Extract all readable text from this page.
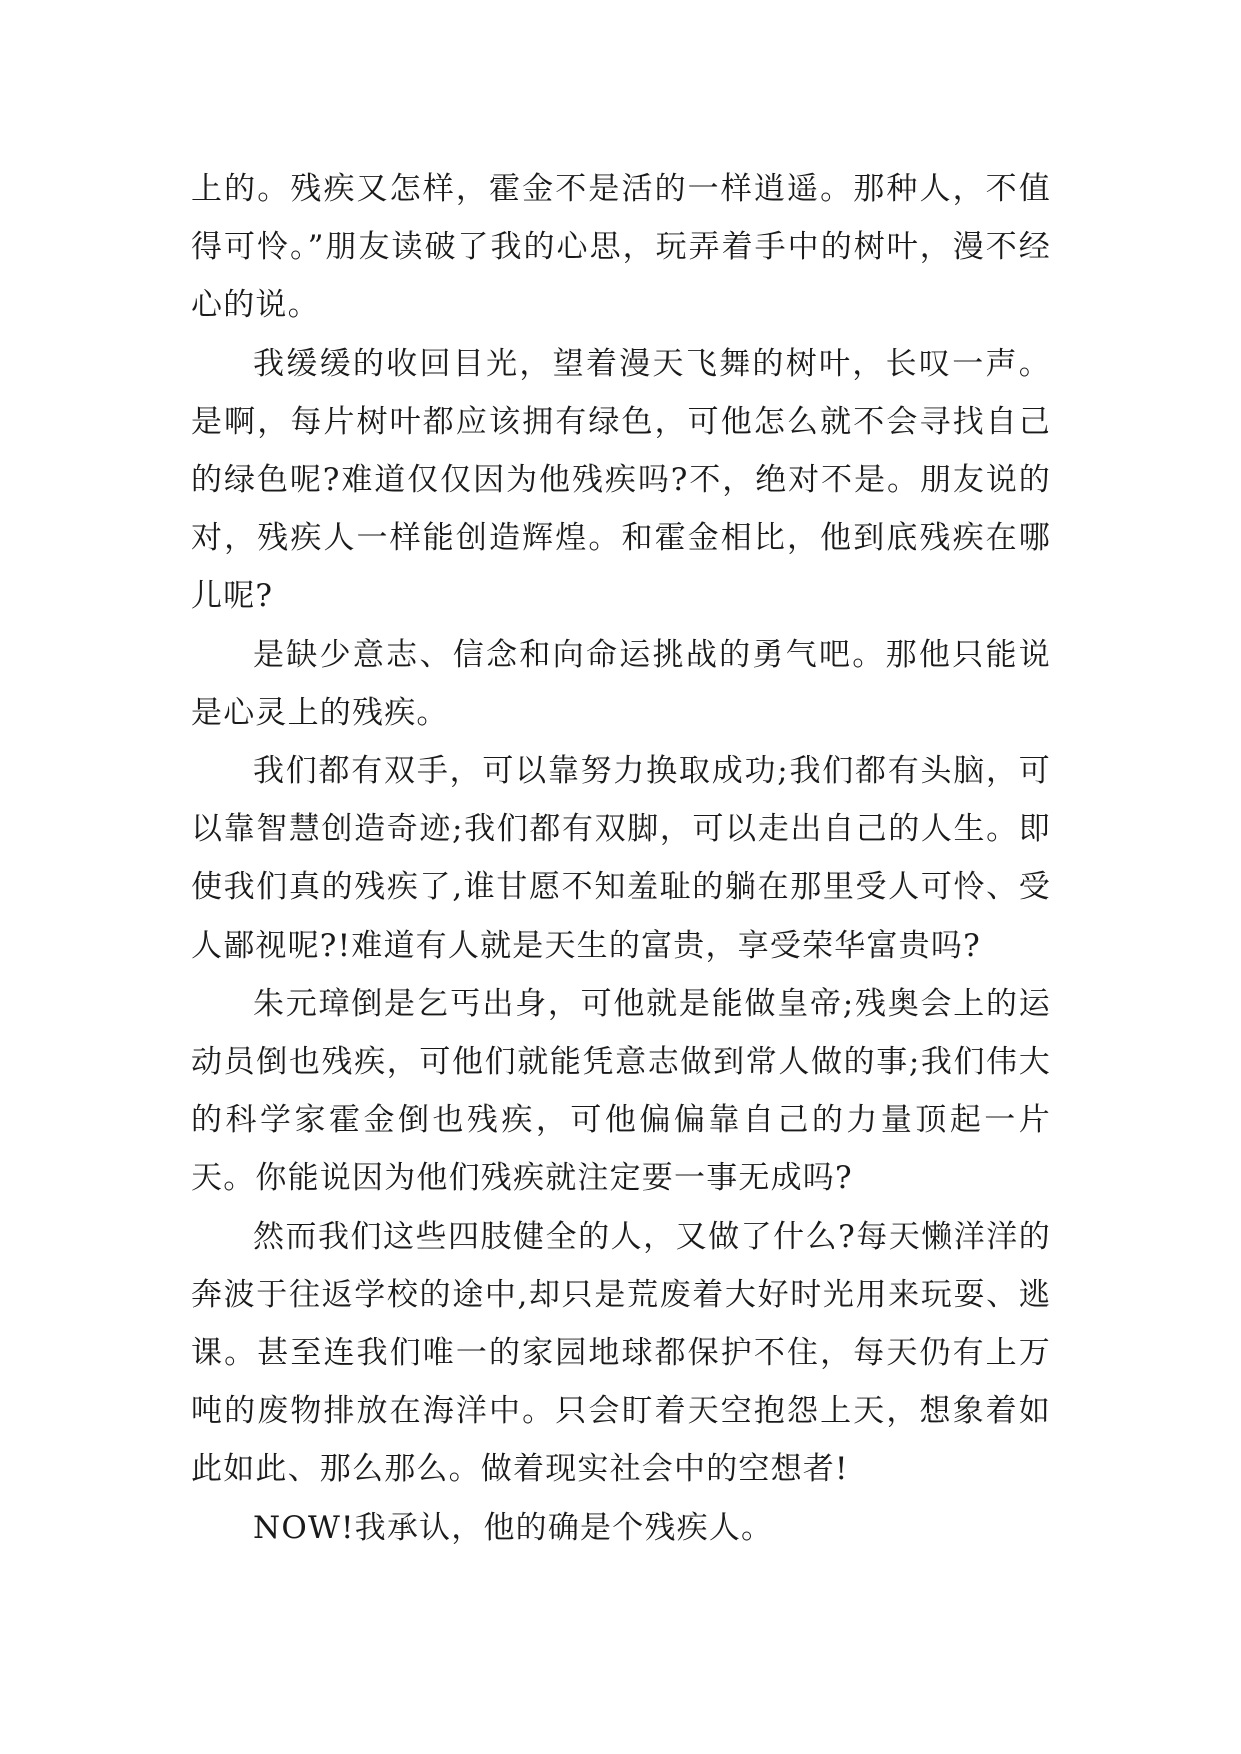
上的。残疾又怎样，霍金不是活的一样逍遥。那种人，不值得可怜。”朋友读破了我的心思，玩弄着手中的树叶，漫不经心的说。

我缓缓的收回目光，望着漫天飞舞的树叶，长叹一声。是啊，每片树叶都应该拥有绿色，可他怎么就不会寻找自己的绿色呢?难道仅仅因为他残疾吗?不，绝对不是。朋友说的对，残疾人一样能创造辉煌。和霍金相比，他到底残疾在哪儿呢?

是缺少意志、信念和向命运挑战的勇气吧。那他只能说是心灵上的残疾。

我们都有双手，可以靠努力换取成功;我们都有头脑，可以靠智慧创造奇迹;我们都有双脚，可以走出自己的人生。即使我们真的残疾了,谁甘愿不知羞耻的躺在那里受人可怜、受人鄙视呢?!难道有人就是天生的富贵，享受荣华富贵吗?

朱元璋倒是乞丐出身，可他就是能做皇帝;残奥会上的运动员倒也残疾，可他们就能凭意志做到常人做的事;我们伟大的科学家霍金倒也残疾，可他偏偏靠自己的力量顶起一片天。你能说因为他们残疾就注定要一事无成吗?

然而我们这些四肢健全的人，又做了什么?每天懒洋洋的奔波于往返学校的途中,却只是荒废着大好时光用来玩耍、逃课。甚至连我们唯一的家园地球都保护不住，每天仍有上万吨的废物排放在海洋中。只会盯着天空抱怨上天，想象着如此如此、那么那么。做着现实社会中的空想者!

NOW!我承认，他的确是个残疾人。
